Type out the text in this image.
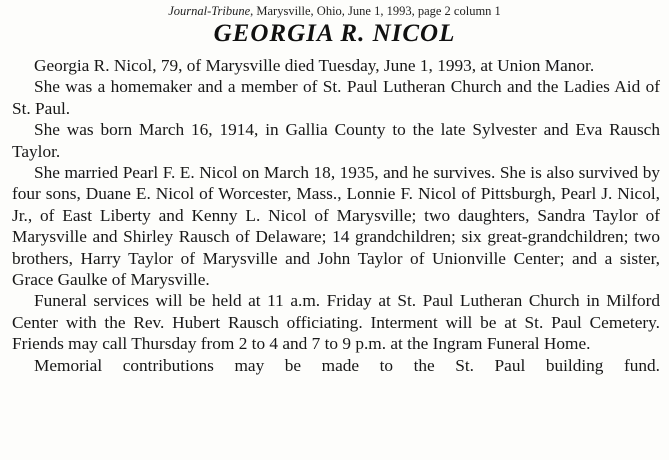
Journal-Tribune, Marysville, Ohio, June 1, 1993, page 2 column 1
GEORGIA R. NICOL

Georgia R. Nicol, 79, of Marysville died Tuesday, June 1, 1993, at Union Manor.

She was a homemaker and a member of St. Paul Lutheran Church and the Ladies Aid of St. Paul.

She was born March 16, 1914, in Gallia County to the late Sylvester and Eva Rausch Taylor.

She married Pearl F. E. Nicol on March 18, 1935, and he survives. She is also survived by four sons, Duane E. Nicol of Worcester, Mass., Lonnie F. Nicol of Pittsburgh, Pearl J. Nicol, Jr., of East Liberty and Kenny L. Nicol of Marysville; two daughters, Sandra Taylor of Marysville and Shirley Rausch of Delaware; 14 grandchildren; six great-grandchildren; two brothers, Harry Taylor of Marysville and John Taylor of Unionville Center; and a sister, Grace Gaulke of Marysville.

Funeral services will be held at 11 a.m. Friday at St. Paul Lutheran Church in Milford Center with the Rev. Hubert Rausch officiating. Interment will be at St. Paul Cemetery. Friends may call Thursday from 2 to 4 and 7 to 9 p.m. at the Ingram Funeral Home.

Memorial contributions may be made to the St. Paul building fund.
